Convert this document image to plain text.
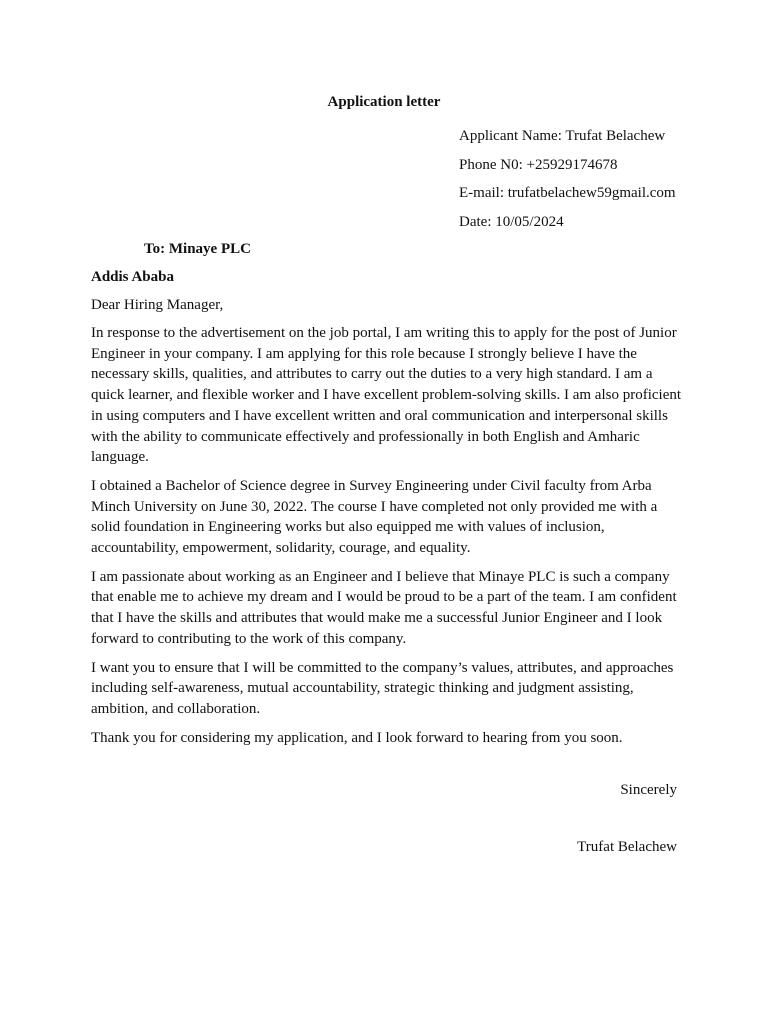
Application letter
Applicant Name: Trufat Belachew
Phone N0: +25929174678
E-mail: trufatbelachew59gmail.com
Date: 10/05/2024
To: Minaye PLC
Addis Ababa
Dear Hiring Manager,

In response to the advertisement on the job portal, I am writing this to apply for the post of Junior Engineer in your company. I am applying for this role because I strongly believe I have the necessary skills, qualities, and attributes to carry out the duties to a very high standard. I am a quick learner, and flexible worker and I have excellent problem-solving skills. I am also proficient in using computers and I have excellent written and oral communication and interpersonal skills with the ability to communicate effectively and professionally in both English and Amharic language.

I obtained a Bachelor of Science degree in Survey Engineering under Civil faculty from Arba Minch University on June 30, 2022. The course I have completed not only provided me with a solid foundation in Engineering works but also equipped me with values of inclusion, accountability, empowerment, solidarity, courage, and equality.

I am passionate about working as an Engineer and I believe that Minaye PLC is such a company that enable me to achieve my dream and I would be proud to be a part of the team. I am confident that I have the skills and attributes that would make me a successful Junior Engineer and I look forward to contributing to the work of this company.

I want you to ensure that I will be committed to the company’s values, attributes, and approaches including self-awareness, mutual accountability, strategic thinking and judgment assisting, ambition, and collaboration.

Thank you for considering my application, and I look forward to hearing from you soon.

Sincerely
Trufat Belachew
